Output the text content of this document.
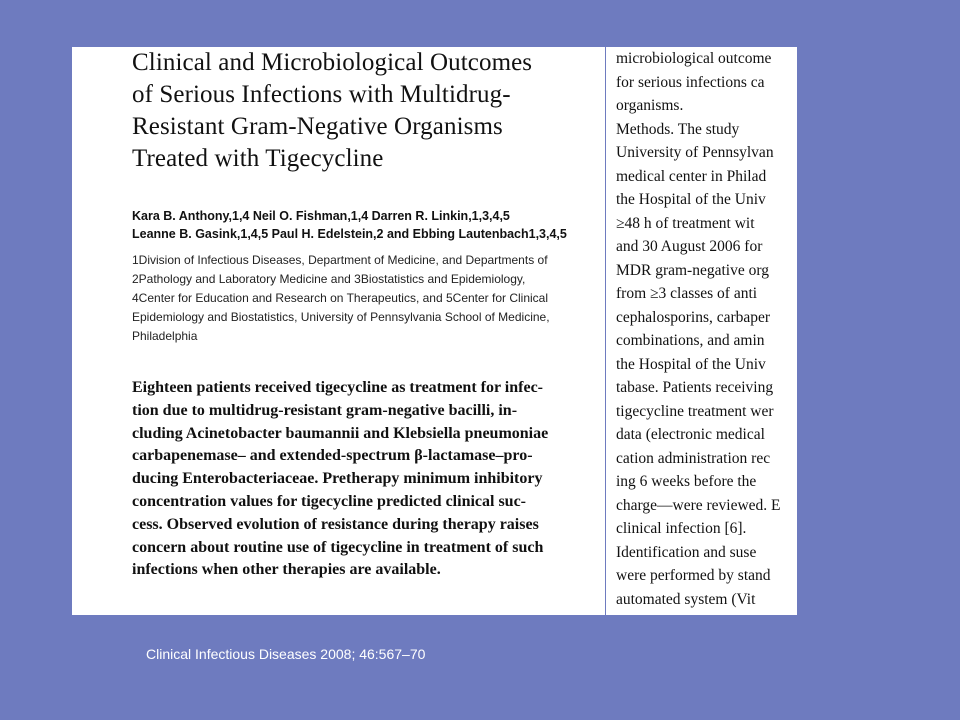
Clinical and Microbiological Outcomes
of Serious Infections with Multidrug-
Resistant Gram-Negative Organisms
Treated with Tigecycline
Kara B. Anthony,1,4 Neil O. Fishman,1,4 Darren R. Linkin,1,3,4,5
Leanne B. Gasink,1,4,5 Paul H. Edelstein,2 and Ebbing Lautenbach1,3,4,5
1Division of Infectious Diseases, Department of Medicine, and Departments of
2Pathology and Laboratory Medicine and 3Biostatistics and Epidemiology,
4Center for Education and Research on Therapeutics, and 5Center for Clinical
Epidemiology and Biostatistics, University of Pennsylvania School of Medicine,
Philadelphia
Eighteen patients received tigecycline as treatment for infec-
tion due to multidrug-resistant gram-negative bacilli, in-
cluding Acinetobacter baumannii and Klebsiella pneumoniae
carbapenemase– and extended-spectrum β-lactamase–pro-
ducing Enterobacteriaceae. Pretherapy minimum inhibitory
concentration values for tigecycline predicted clinical suc-
cess. Observed evolution of resistance during therapy raises
concern about routine use of tigecycline in treatment of such
infections when other therapies are available.
microbiological outcome
for serious infections ca
organisms.
Methods. The study
University of Pennsylvan
medical center in Philad
the Hospital of the Univ
≥48 h of treatment wit
and 30 August 2006 for
MDR gram-negative org
from ≥3 classes of anti
cephalosporins, carbaper
combinations, and amin
the Hospital of the Univ
tabase. Patients receiving
tigecycline treatment wer
data (electronic medical
cation administration rec
ing 6 weeks before the
charge—were reviewed. E
clinical infection [6].
Identification and suse
were performed by stand
automated system (Vit
Clinical Infectious Diseases 2008; 46:567–70
